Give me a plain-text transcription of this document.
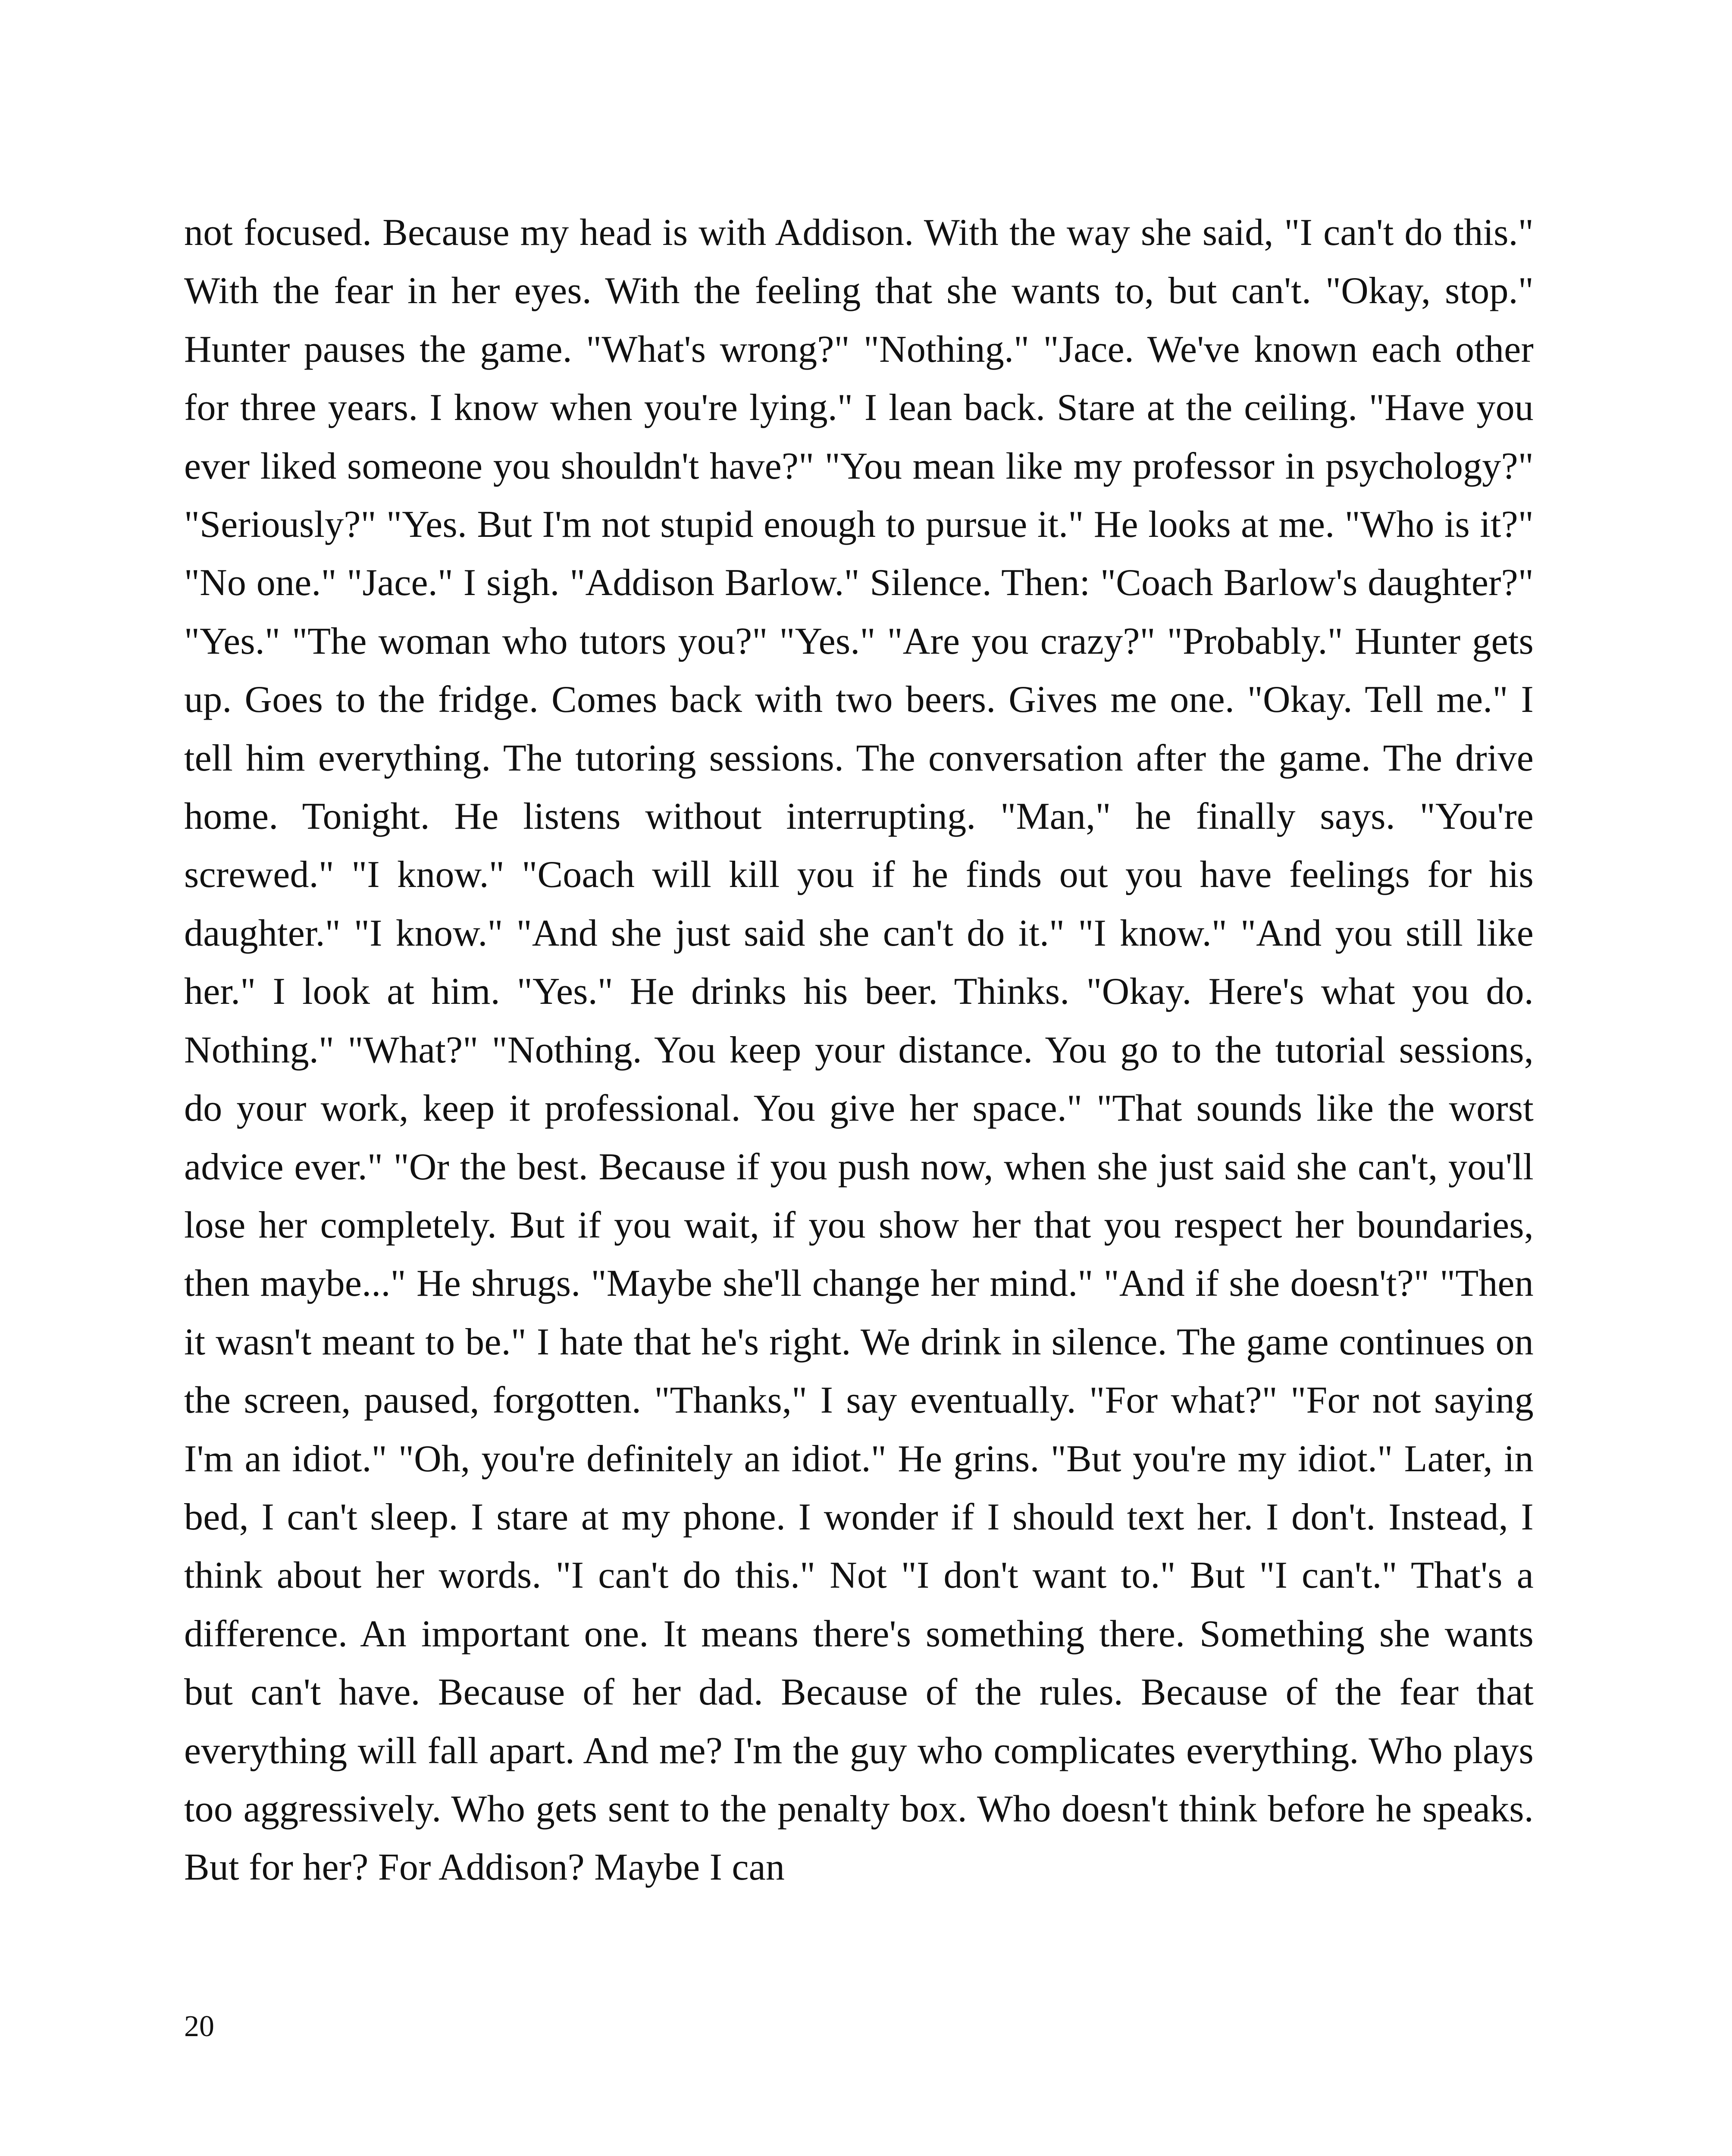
not focused. Because my head is with Addison. With the way she said, "I can't do this." With the fear in her eyes. With the feeling that she wants to, but can't. "Okay, stop." Hunter pauses the game. "What's wrong?" "Nothing." "Jace. We've known each other for three years. I know when you're lying." I lean back. Stare at the ceiling. "Have you ever liked someone you shouldn't have?" "You mean like my professor in psychology?" "Seriously?" "Yes. But I'm not stupid enough to pursue it." He looks at me. "Who is it?" "No one." "Jace." I sigh. "Addison Barlow." Silence. Then: "Coach Barlow's daughter?" "Yes." "The woman who tutors you?" "Yes." "Are you crazy?" "Probably." Hunter gets up. Goes to the fridge. Comes back with two beers. Gives me one. "Okay. Tell me." I tell him everything. The tutoring sessions. The conversation after the game. The drive home. Tonight. He listens without interrupting. "Man," he finally says. "You're screwed." "I know." "Coach will kill you if he finds out you have feelings for his daughter." "I know." "And she just said she can't do it." "I know." "And you still like her." I look at him. "Yes." He drinks his beer. Thinks. "Okay. Here's what you do. Nothing." "What?" "Nothing. You keep your distance. You go to the tutorial sessions, do your work, keep it professional. You give her space." "That sounds like the worst advice ever." "Or the best. Because if you push now, when she just said she can't, you'll lose her completely. But if you wait, if you show her that you respect her boundaries, then maybe..." He shrugs. "Maybe she'll change her mind." "And if she doesn't?" "Then it wasn't meant to be." I hate that he's right. We drink in silence. The game continues on the screen, paused, forgotten. "Thanks," I say eventually. "For what?" "For not saying I'm an idiot." "Oh, you're definitely an idiot." He grins. "But you're my idiot." Later, in bed, I can't sleep. I stare at my phone. I wonder if I should text her. I don't. Instead, I think about her words. "I can't do this." Not "I don't want to." But "I can't." That's a difference. An important one. It means there's something there. Something she wants but can't have. Because of her dad. Because of the rules. Because of the fear that everything will fall apart. And me? I'm the guy who complicates everything. Who plays too aggressively. Who gets sent to the penalty box. Who doesn't think before he speaks. But for her? For Addison? Maybe I can

20
